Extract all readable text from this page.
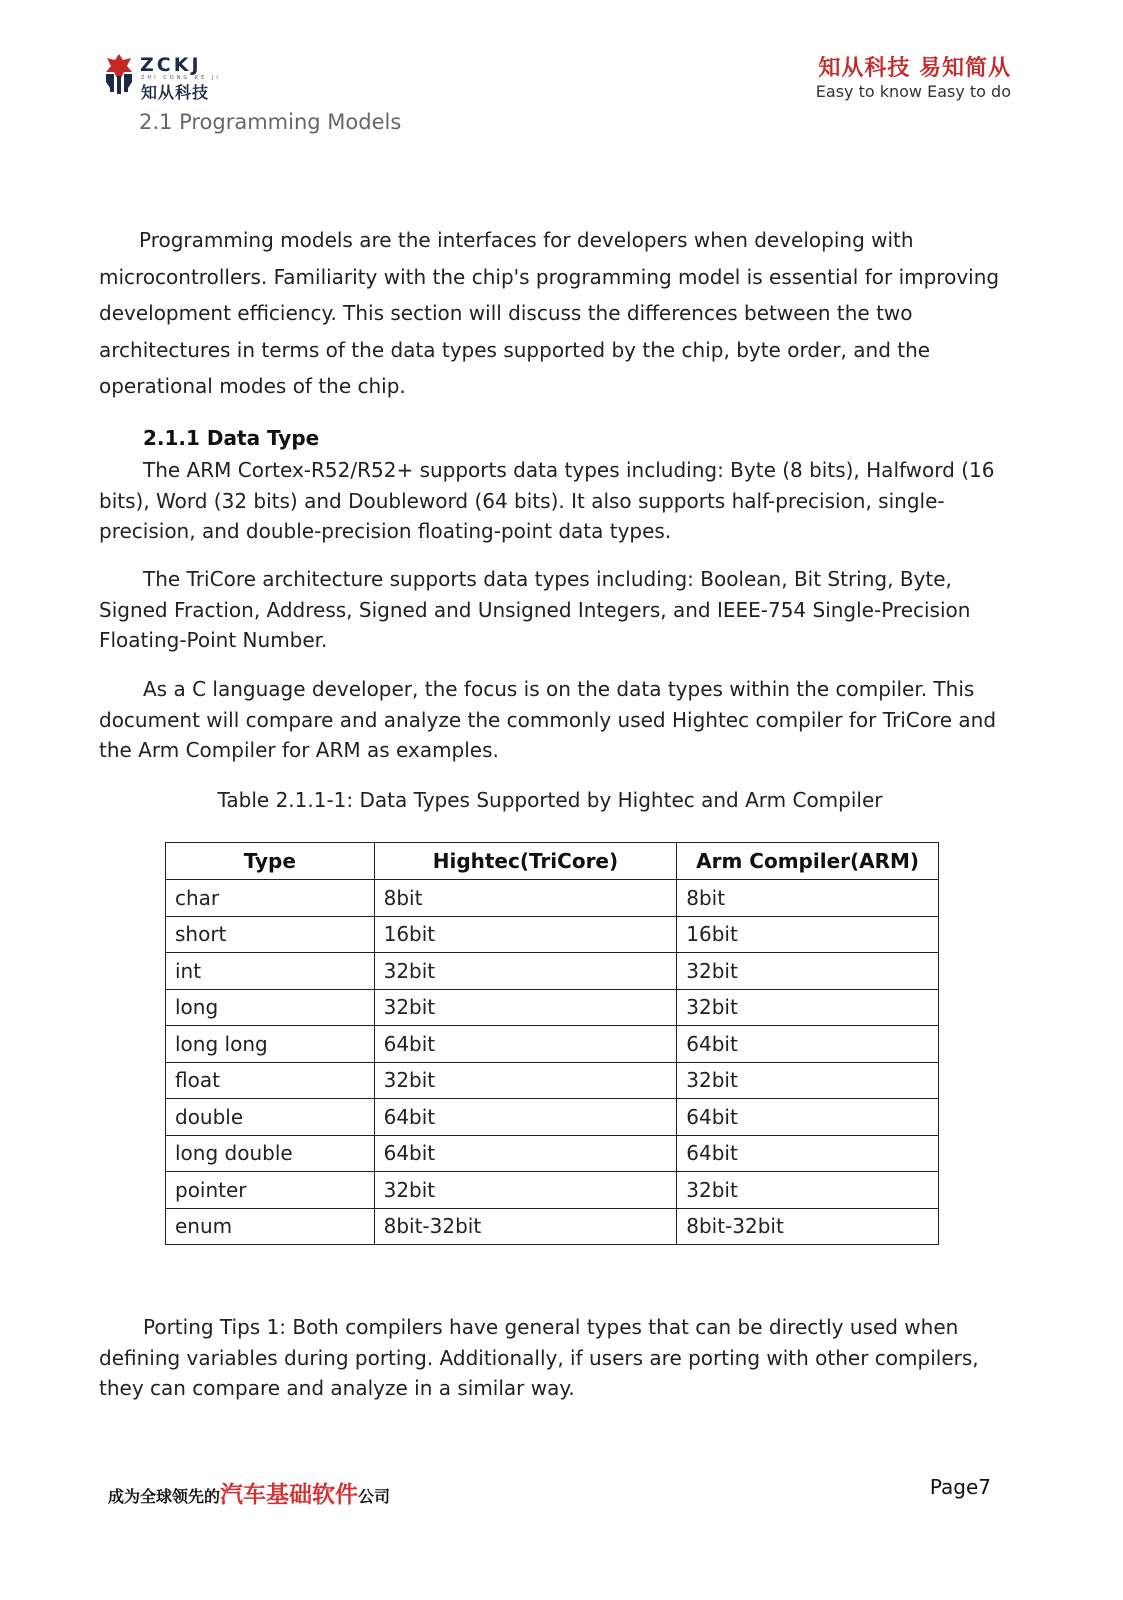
ZCKJ
ZHI CONG KE JI
知从科技
知从科技 易知简从
Easy to know Easy to do
2.1 Programming Models

Programming models are the interfaces for developers when developing with microcontrollers. Familiarity with the chip's programming model is essential for improving development efficiency. This section will discuss the differences between the two architectures in terms of the data types supported by the chip, byte order, and the operational modes of the chip.

2.1.1 Data Type

The ARM Cortex-R52/R52+ supports data types including: Byte (8 bits), Halfword (16 bits), Word (32 bits) and Doubleword (64 bits). It also supports half-precision, single-precision, and double-precision floating-point data types.

The TriCore architecture supports data types including: Boolean, Bit String, Byte, Signed Fraction, Address, Signed and Unsigned Integers, and IEEE-754 Single-Precision Floating-Point Number.

As a C language developer, the focus is on the data types within the compiler. This document will compare and analyze the commonly used Hightec compiler for TriCore and the Arm Compiler for ARM as examples.

Table 2.1.1-1: Data Types Supported by Hightec and Arm Compiler
Type	Hightec(TriCore)	Arm Compiler(ARM)
char	8bit	8bit
short	16bit	16bit
int	32bit	32bit
long	32bit	32bit
long long	64bit	64bit
float	32bit	32bit
double	64bit	64bit
long double	64bit	64bit
pointer	32bit	32bit
enum	8bit-32bit	8bit-32bit

Porting Tips 1: Both compilers have general types that can be directly used when defining variables during porting. Additionally, if users are porting with other compilers, they can compare and analyze in a similar way.

成为全球领先的汽车基础软件公司	Page7
